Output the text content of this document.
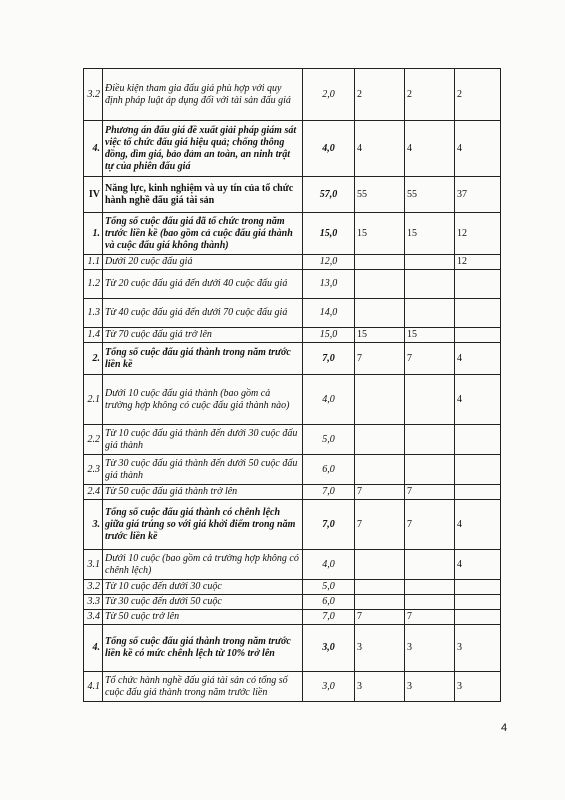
3.2	Điều kiện tham gia đấu giá phù hợp với quy định pháp luật áp dụng đối với tài sản đấu giá	2,0	2	2	2
4.	Phương án đấu giá đề xuất giải pháp giám sát việc tổ chức đấu giá hiệu quả; chống thông đồng, dìm giá, bảo đảm an toàn, an ninh trật tự của phiên đấu giá	4,0	4	4	4
IV	Năng lực, kinh nghiệm và uy tín của tổ chức hành nghề đấu giá tài sản	57,0	55	55	37
1.	Tổng số cuộc đấu giá đã tổ chức trong năm trước liền kề (bao gồm cả cuộc đấu giá thành và cuộc đấu giá không thành)	15,0	15	15	12
1.1	Dưới 20 cuộc đấu giá	12,0			12
1.2	Từ 20 cuộc đấu giá đến dưới 40 cuộc đấu giá	13,0			
1.3	Từ 40 cuộc đấu giá đến dưới 70 cuộc đấu giá	14,0			
1.4	Từ 70 cuộc đấu giá trở lên	15,0	15	15	
2.	Tổng số cuộc đấu giá thành trong năm trước liền kề	7,0	7	7	4
2.1	Dưới 10 cuộc đấu giá thành (bao gồm cả trường hợp không có cuộc đấu giá thành nào)	4,0			4
2.2	Từ 10 cuộc đấu giá thành đến dưới 30 cuộc đấu giá thành	5,0			
2.3	Từ 30 cuộc đấu giá thành đến dưới 50 cuộc đấu giá thành	6,0			
2.4	Từ 50 cuộc đấu giá thành trở lên	7,0	7	7	
3.	Tổng số cuộc đấu giá thành có chênh lệch giữa giá trúng so với giá khởi điểm trong năm trước liền kề	7,0	7	7	4
3.1	Dưới 10 cuộc (bao gồm cả trường hợp không có chênh lệch)	4,0			4
3.2	Từ 10 cuộc đến dưới 30 cuộc	5,0			
3.3	Từ 30 cuộc đến dưới 50 cuộc	6,0			
3.4	Từ 50 cuộc trở lên	7,0	7	7	
4.	Tổng số cuộc đấu giá thành trong năm trước liền kề có mức chênh lệch từ 10% trở lên	3,0	3	3	3
4.1	Tổ chức hành nghề đấu giá tài sản có tổng số cuộc đấu giá thành trong năm trước liền	3,0	3	3	3
4
